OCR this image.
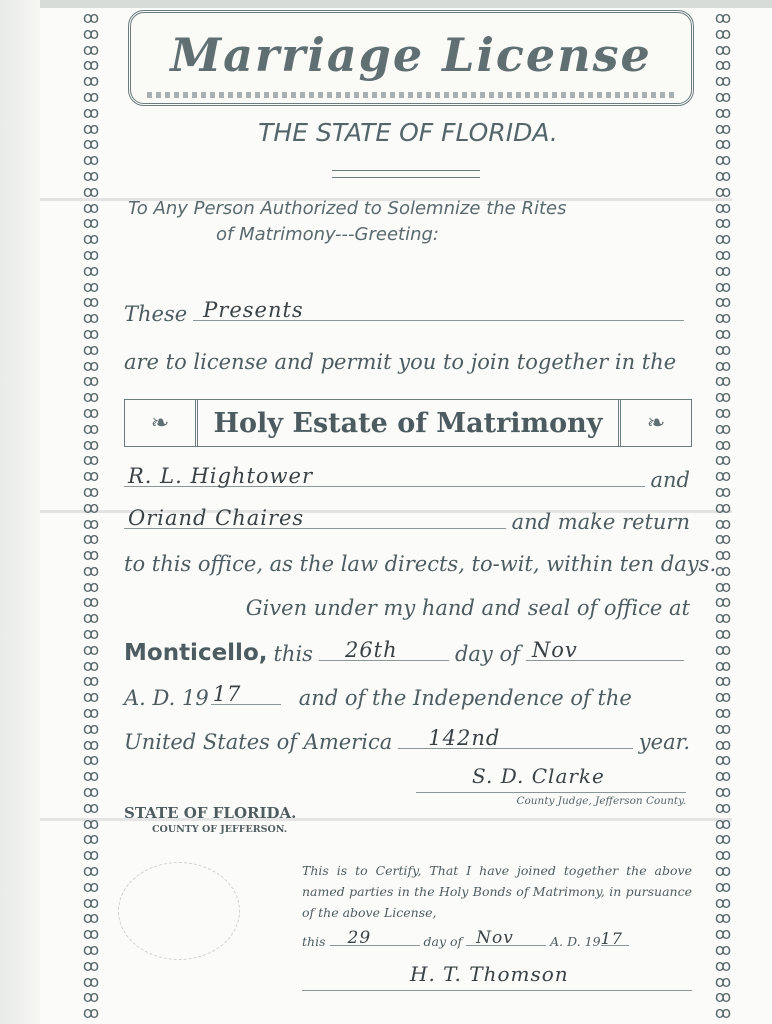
ꝏ
ꝏ
ꝏ
ꝏ
ꝏ
ꝏ
ꝏ
ꝏ
ꝏ
ꝏ
ꝏ
ꝏ
ꝏ
ꝏ
ꝏ
ꝏ
ꝏ
ꝏ
ꝏ
ꝏ
ꝏ
ꝏ
ꝏ
ꝏ
ꝏ
ꝏ
ꝏ
ꝏ
ꝏ
ꝏ
ꝏ
ꝏ
ꝏ
ꝏ
ꝏ
ꝏ
ꝏ
ꝏ
ꝏ
ꝏ
ꝏ
ꝏ
ꝏ
ꝏ
ꝏ
ꝏ
ꝏ
ꝏ
ꝏ
ꝏ
ꝏ
ꝏ
ꝏ
ꝏ
ꝏ
ꝏ
ꝏ
ꝏ
ꝏ
ꝏ
ꝏ
ꝏ
ꝏ
ꝏ
ꝏ
ꝏ
ꝏ
ꝏ
ꝏ
ꝏ
ꝏ
ꝏ
ꝏ
ꝏ
ꝏ
ꝏ
ꝏ
ꝏ
ꝏ
ꝏ
ꝏ
ꝏ
ꝏ
ꝏ
ꝏ
ꝏ
ꝏ
ꝏ
ꝏ
ꝏ
ꝏ
ꝏ
ꝏ
ꝏ
ꝏ
ꝏ
ꝏ
ꝏ
ꝏ
ꝏ
ꝏ
ꝏ
ꝏ
ꝏ
ꝏ
ꝏ
ꝏ
ꝏ
ꝏ
ꝏ
ꝏ
ꝏ
ꝏ
ꝏ
ꝏ
ꝏ
ꝏ
ꝏ
ꝏ
ꝏ
ꝏ
ꝏ
ꝏ
ꝏ
ꝏ
ꝏ
ꝏ
ꝏ
Marriage License
THE STATE OF FLORIDA.
To Any Person Authorized to Solemnize the Rites
of Matrimony---Greeting:
These Presents
are to license and permit you to join together in the
❧	Holy Estate of Matrimony	❧
R. L. Hightower	and
Oriand Chaires	and make return
to this office, as the law directs, to-wit, within ten days.
Given under my hand and seal of office at
Monticello, this 26th	day of Nov
A. D. 19 17	and of the Independence of the
United States of America 142nd	year.
S. D. Clarke
County Judge, Jefferson County.
STATE OF FLORIDA.
COUNTY OF JEFFERSON.
This is to Certify, That I have joined together the above named parties in the Holy Bonds of Matrimony, in pursuance of the above License,
this 29	day of Nov	A. D. 19 17
H. T. Thomson
